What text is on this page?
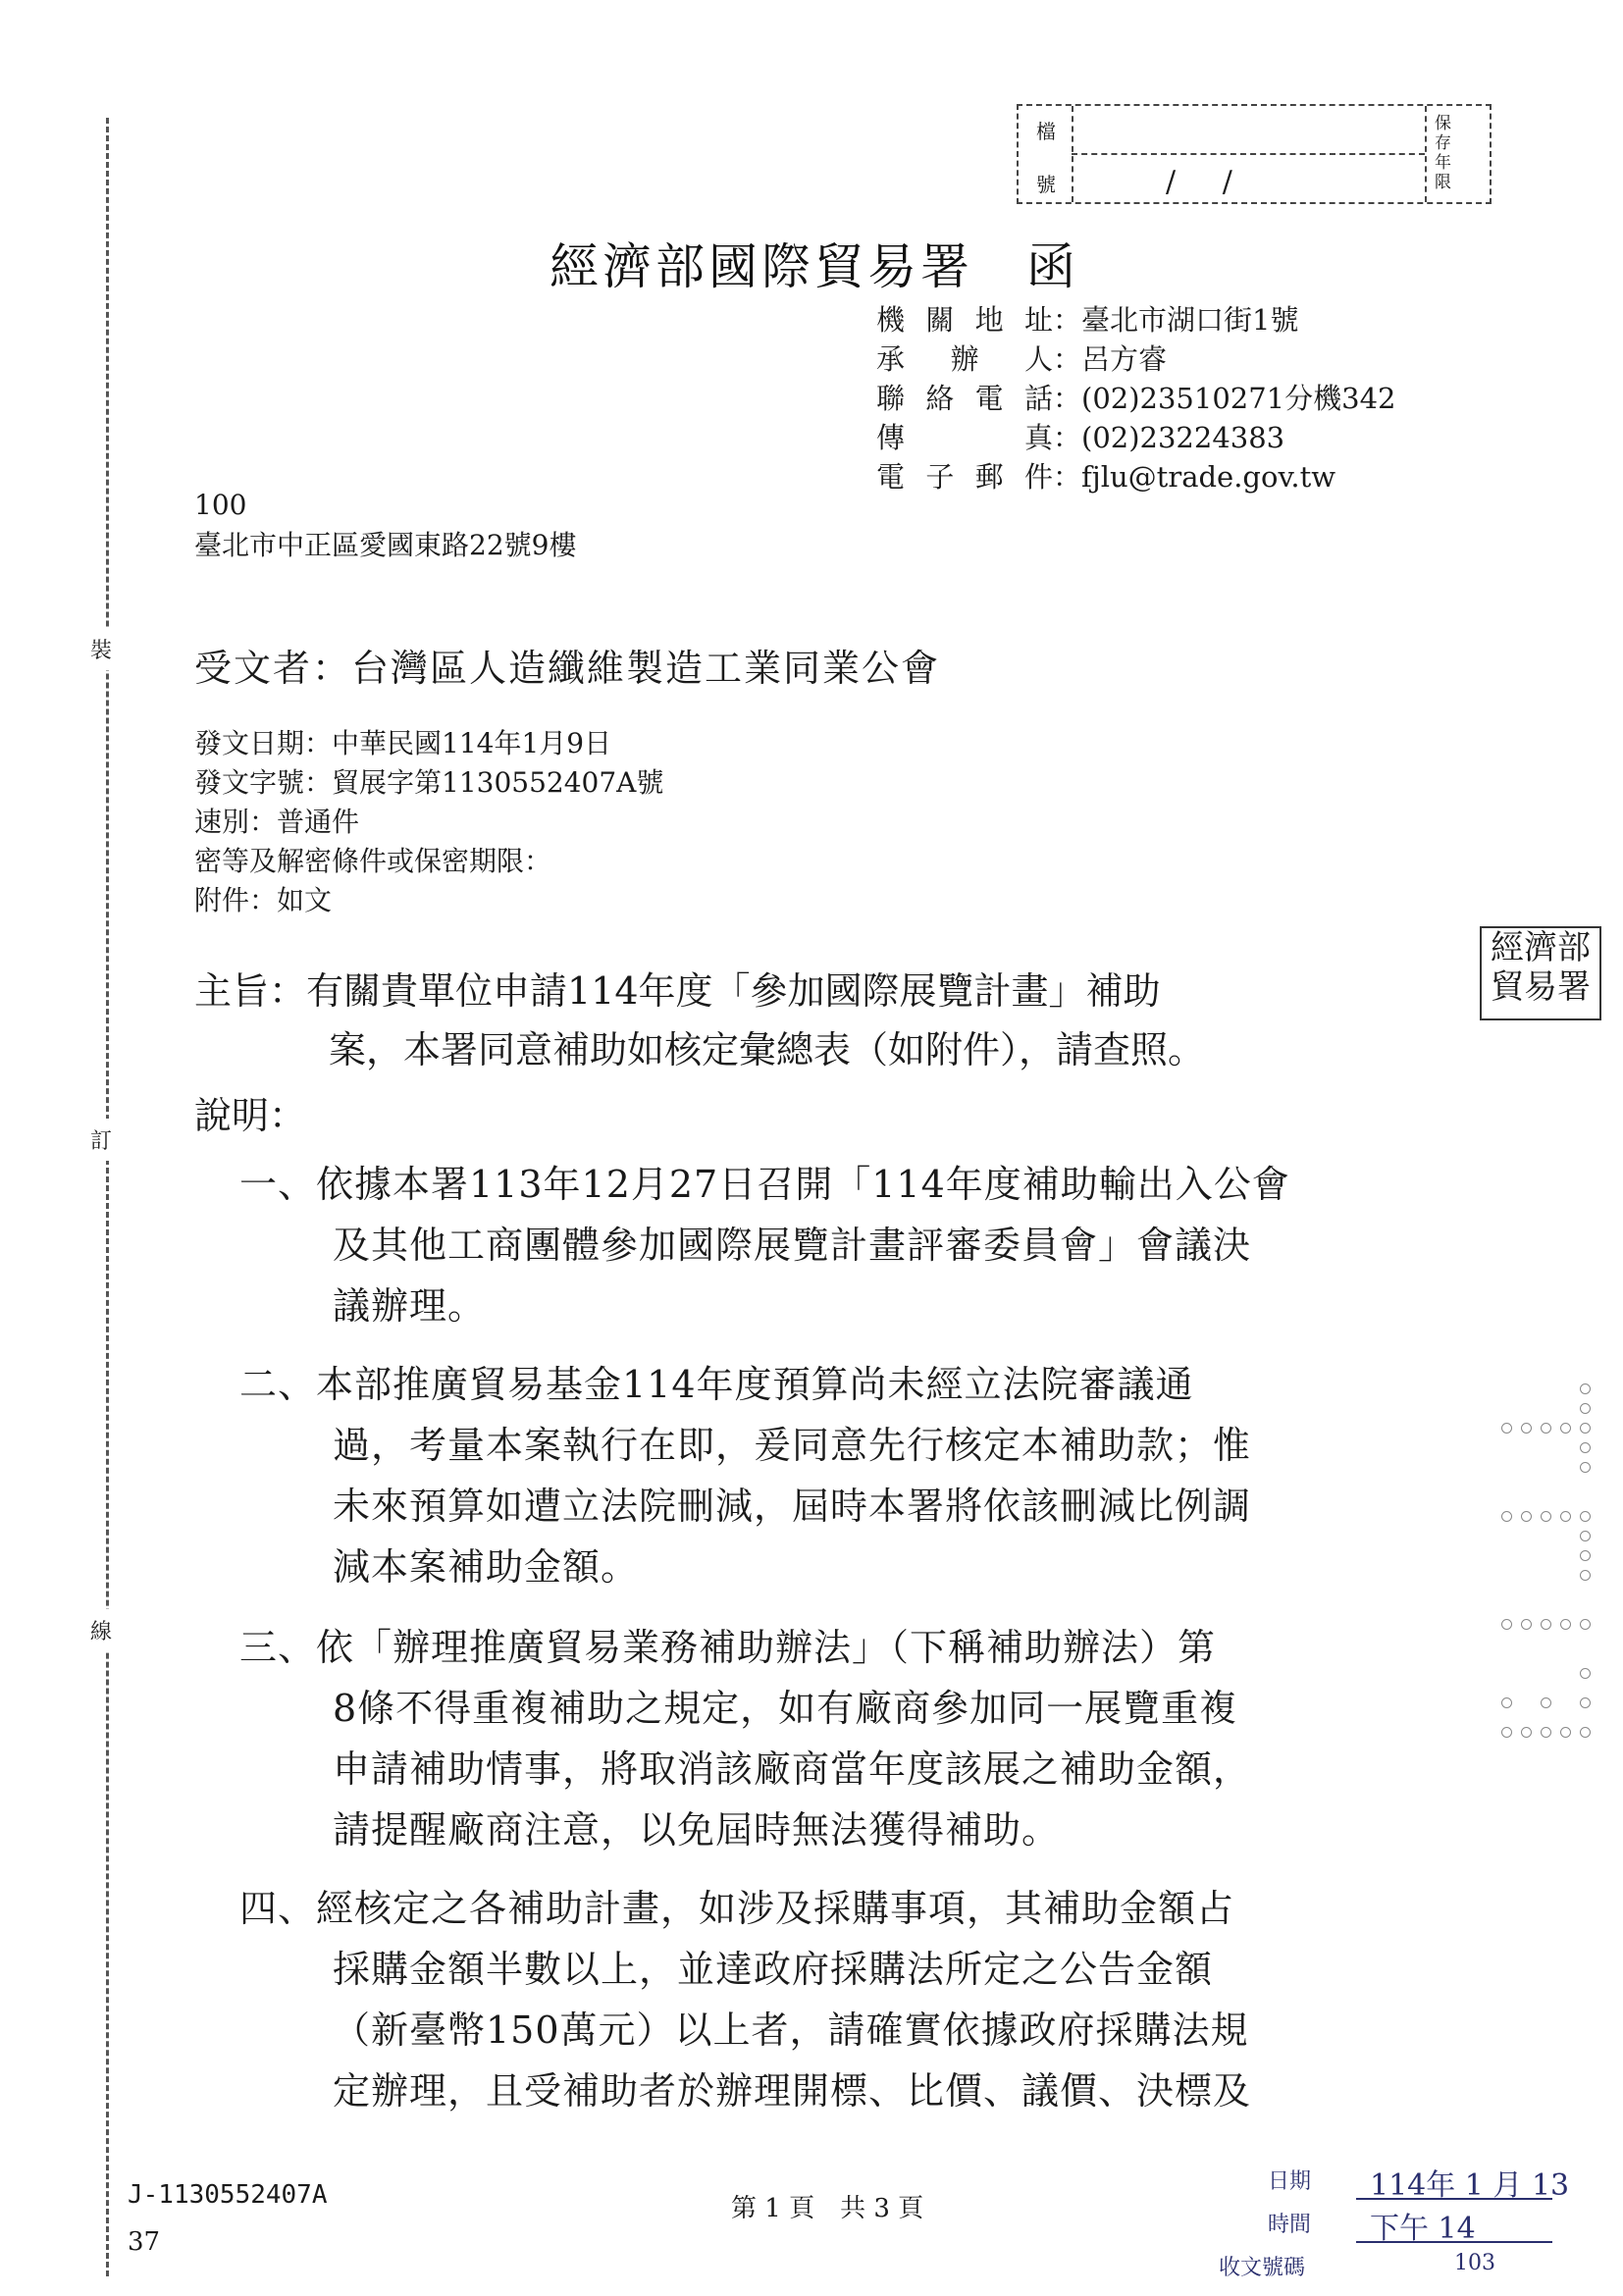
裝
訂
線
檔
號	/     /
保存年限
經濟部國際貿易署　函
機關地址：臺北市湖口街1號
承辦人：呂方睿
聯絡電話：(02)23510271分機342
傳真：(02)23224383
電子郵件：fjlu@trade.gov.tw
100
臺北市中正區愛國東路22號9樓
受文者：台灣區人造纖維製造工業同業公會
發文日期：中華民國114年1月9日
發文字號：貿展字第1130552407A號
速別：普通件
密等及解密條件或保密期限：
附件：如文
經濟部
貿易署
主旨：有關貴單位申請114年度「參加國際展覽計畫」補助
案，本署同意補助如核定彙總表（如附件），請查照。
說明：
一、依據本署113年12月27日召開「114年度補助輸出入公會
及其他工商團體參加國際展覽計畫評審委員會」會議決
議辦理。
二、本部推廣貿易基金114年度預算尚未經立法院審議通
過，考量本案執行在即，爰同意先行核定本補助款；惟
未來預算如遭立法院刪減，屆時本署將依該刪減比例調
減本案補助金額。
三、依「辦理推廣貿易業務補助辦法」（下稱補助辦法）第
8條不得重複補助之規定，如有廠商參加同一展覽重複
申請補助情事，將取消該廠商當年度該展之補助金額，
請提醒廠商注意，以免屆時無法獲得補助。
四、經核定之各補助計畫，如涉及採購事項，其補助金額占
採購金額半數以上，並達政府採購法所定之公告金額
（新臺幣150萬元）以上者，請確實依據政府採購法規
定辦理，且受補助者於辦理開標、比價、議價、決標及
日期 114年 1 月 13
時間 下午 14
收文號碼	103
J-1130552407A
37
第 1 頁　共 3 頁
